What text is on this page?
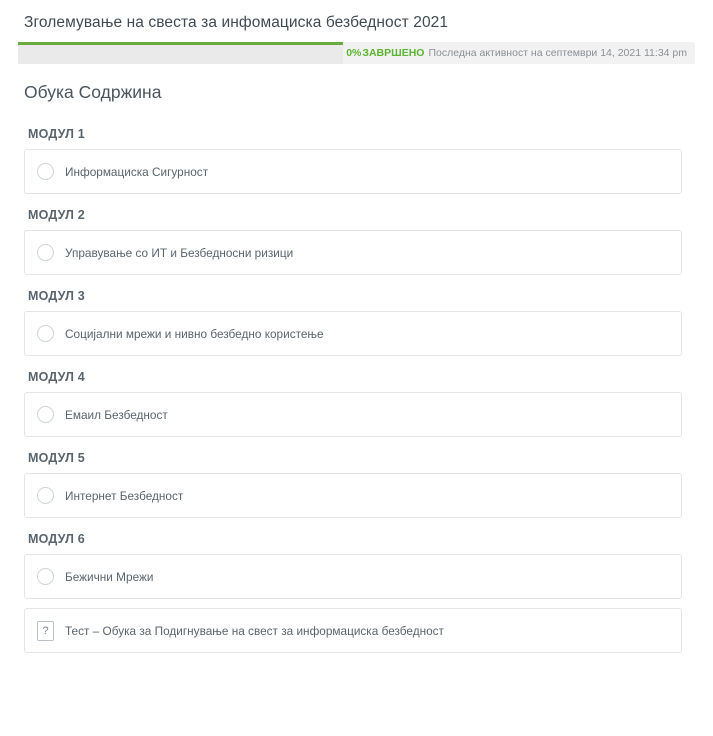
Зголемување на свеста за инфомациска безбедност 2021
0% ЗАВРШЕНО Последна активност на септември 14, 2021 11:34 pm
Обука Содржина
МОДУЛ 1
Информациска Сигурност
МОДУЛ 2
Управување со ИТ и Безбедносни ризици
МОДУЛ 3
Социјални мрежи и нивно безбедно користење
МОДУЛ 4
Емаил Безбедност
МОДУЛ 5
Интернет Безбедност
МОДУЛ 6
Бежични Мрежи
?
Тест – Обука за Подигнување на свест за информациска безбедност
